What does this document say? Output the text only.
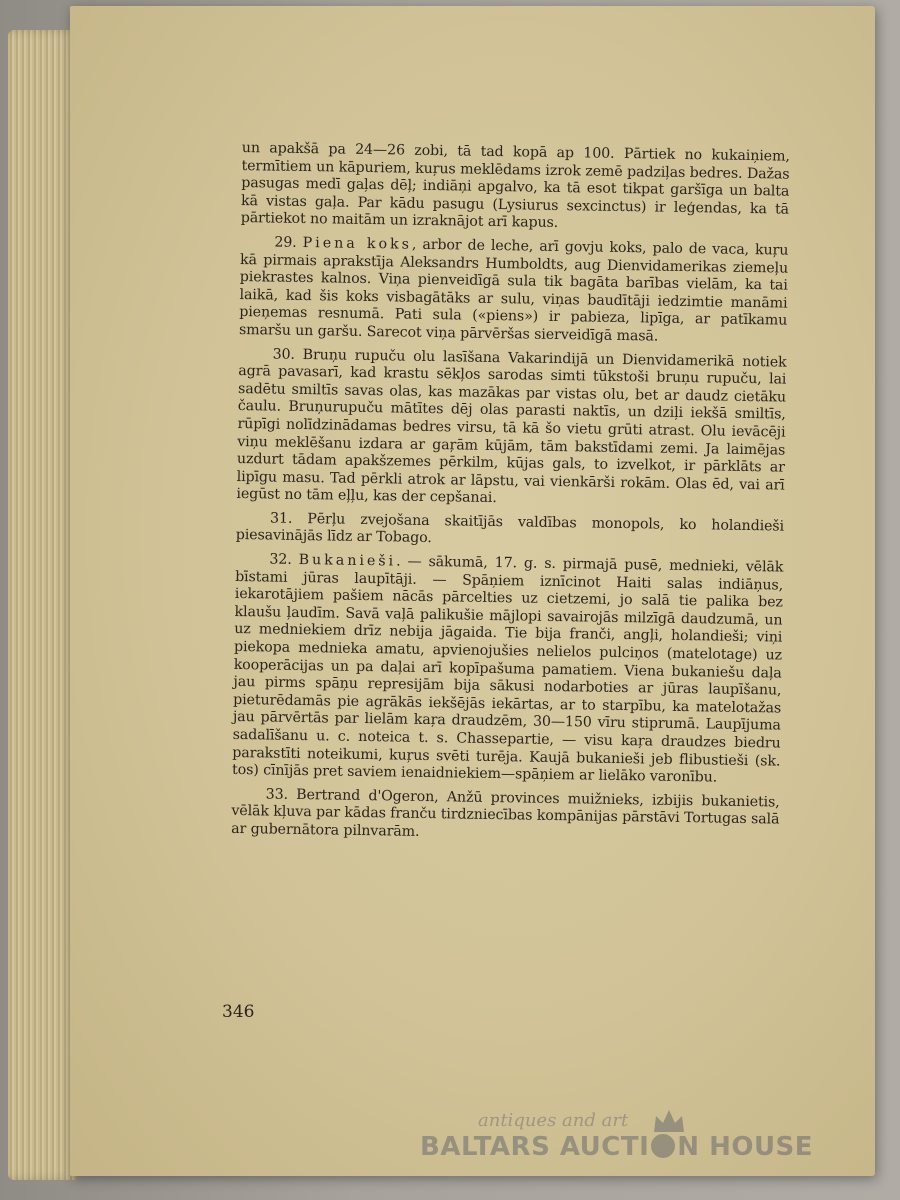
un apakšā pa 24—26 zobi, tā tad kopā ap 100. Pārtiek no kukaiņiem, termītiem un kāpuriem, kuŗus meklēdams izrok zemē padziļas bedres. Dažas pasugas medī gaļas dēļ; indiāņi apgalvo, ka tā esot tikpat garšīga un balta kā vistas gaļa. Par kādu pasugu (Lysiurus sexcinctus) ir leģendas, ka tā pārtiekot no maitām un izraknājot arī kapus.

29. Piena koks, arbor de leche, arī govju koks, palo de vaca, kuŗu kā pirmais aprakstīja Aleksandrs Humboldts, aug Dienvidamerikas ziemeļu piekrastes kalnos. Viņa pienveidīgā sula tik bagāta barības vielām, ka tai laikā, kad šis koks visbagātāks ar sulu, viņas baudītāji iedzimtie manāmi pieņemas resnumā. Pati sula («piens») ir pabieza, lipīga, ar patīkamu smaršu un garšu. Sarecot viņa pārvēršas sierveidīgā masā.

30. Bruņu rupuču olu lasīšana Vakarindijā un Dienvidamerikā notiek agrā pavasarī, kad krastu sēkļos sarodas simti tūkstoši bruņu rupuču, lai sadētu smiltīs savas olas, kas mazākas par vistas olu, bet ar daudz cietāku čaulu. Bruņurupuču mātītes dēj olas parasti naktīs, un dziļi iekšā smiltīs, rūpīgi nolīdzinādamas bedres virsu, tā kā šo vietu grūti atrast. Olu ievācēji viņu meklēšanu izdara ar gaŗām kūjām, tām bakstīdami zemi. Ja laimējas uzdurt tādam apakšzemes pērkilm, kūjas gals, to izvelkot, ir pārklāts ar lipīgu masu. Tad pērkli atrok ar lāpstu, vai vienkārši rokām. Olas ēd, vai arī iegūst no tām eļļu, kas der cepšanai.

31. Pērļu zvejošana skaitījās valdības monopols, ko holandieši piesavinājās līdz ar Tobago.

32. Bukanieši. — sākumā, 17. g. s. pirmajā pusē, mednieki, vēlāk bīstami jūras laupītāji. — Spāņiem iznīcinot Haiti salas indiāņus, iekarotājiem pašiem nācās pārcelties uz cietzemi, jo salā tie palika bez klaušu ļaudīm. Savā vaļā palikušie mājlopi savairojās milzīgā daudzumā, un uz medniekiem drīz nebija jāgaida. Tie bija franči, angļi, holandieši; viņi piekopa mednieka amatu, apvienojušies nelielos pulciņos (matelotage) uz kooperācijas un pa daļai arī kopīpašuma pamatiem. Viena bukaniešu daļa jau pirms spāņu represijām bija sākusi nodarboties ar jūras laupīšanu, pieturēdamās pie agrākās iekšējās iekārtas, ar to starpību, ka matelotažas jau pārvērtās par lielām kaŗa draudzēm, 30—150 vīru stiprumā. Laupījuma sadalīšanu u. c. noteica t. s. Chassepartie, — visu kaŗa draudzes biedru parakstīti noteikumi, kuŗus svēti turēja. Kaujā bukanieši jeb flibustieši (sk. tos) cīnījās pret saviem ienaidniekiem—spāņiem ar lielāko varonību.

33. Bertrand d'Ogeron, Anžū provinces muižnieks, izbijis bukanietis, vēlāk kļuva par kādas franču tirdzniecības kompānijas pārstāvi Tortugas salā ar gubernātora pilnvarām.

346
antiques and art
BALTARS AUCTI N HOUSE
